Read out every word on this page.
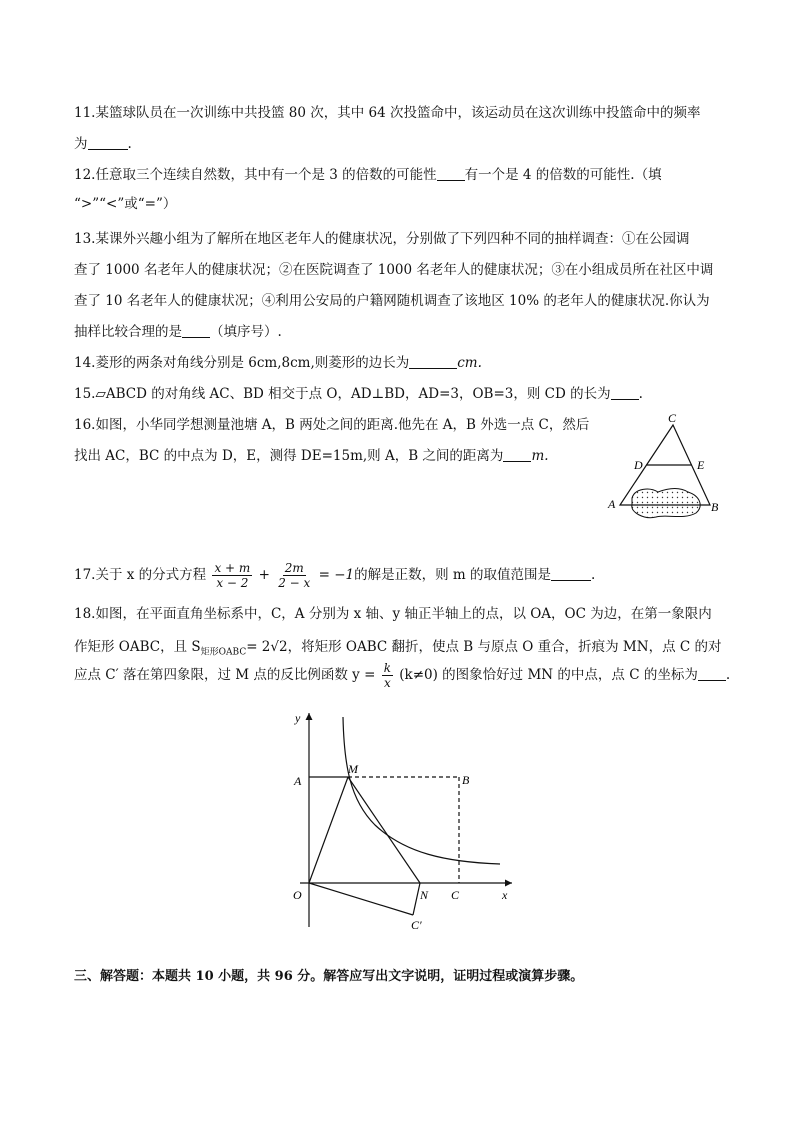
11.某篮球队员在一次训练中共投篮 80 次，其中 64 次投篮命中，该运动员在这次训练中投篮命中的频率
为	.
12.任意取三个连续自然数，其中有一个是 3 的倍数的可能性 有一个是 4 的倍数的可能性.（填
“>”“<”或“=”）
13.某课外兴趣小组为了解所在地区老年人的健康状况，分别做了下列四种不同的抽样调查：①在公园调
查了 1000 名老年人的健康状况；②在医院调查了 1000 名老年人的健康状况；③在小组成员所在社区中调
查了 10 名老年人的健康状况；④利用公安局的户籍网随机调查了该地区 10% 的老年人的健康状况.你认为
抽样比较合理的是 （填序号）.
14.菱形的两条对角线分别是 6cm,8cm,则菱形的边长为	cm.
15.▱ABCD 的对角线 AC、BD 相交于点 O，AD⊥BD，AD=3，OB=3，则 CD 的长为 .
16.如图，小华同学想测量池塘 A，B 两处之间的距离.他先在 A，B 外选一点 C，然后
找出 AC，BC 的中点为 D，E，测得 DE=15m,则 A，B 之间的距离为 m.
C
D	E
A	B
17.关于 x 的分式方程 $\frac{x + m}{x - 2} + \frac{2m}{2 - x} = -1$的解是正数，则 m 的取值范围是	.
18.如图，在平面直角坐标系中，C，A 分别为 x 轴、y 轴正半轴上的点，以 OA，OC 为边，在第一象限内
作矩形 OABC，且 $S_{矩形OABC}= 2√2$，将矩形 OABC 翻折，使点 B 与原点 O 重合，折痕为 MN，点 C 的对
应点 C′ 落在第四象限，过 M 点的反比例函数 $y = \frac{k}{x} (k\ne 0)$ 的图象恰好过 MN 的中点，点 C 的坐标为 .
y
x
A
M
B
O	N C
C′
三、解答题：本题共 10 小题，共 96 分。解答应写出文字说明，证明过程或演算步骤。
